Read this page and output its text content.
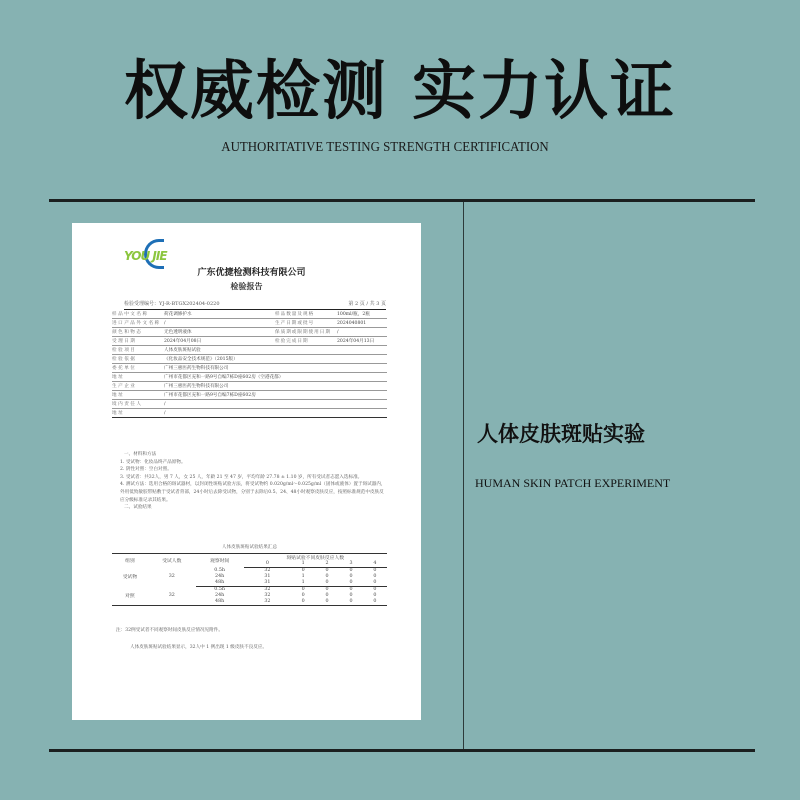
权威检测 实力认证
AUTHORITATIVE TESTING STRENGTH CERTIFICATION
YOU JIE
广东优捷检测科技有限公司
检验报告
检验受理编号：YJ-R-BTGX202404-0220	第 2 页 / 共 3 页
样品中文名称	荷花调修护水	样品数量及规格	100ml/瓶，2瓶
进口产品外文名称 /	生产日期或批号	2024040801
颜色和物态	无色透明液体	保质期或限期使用日期	/
受理日期	2024年04月08日	检验完成日期	2024年04月13日
检验项目	人体皮肤斑贴试验
检验依据	《化妆品安全技术规范》（2015版）
委托单位	广州三惠医药生物科技有限公司
地址	广州市花都区充和一路9号自编7栋D座602房（空港花都）
生产企业	广州三惠医药生物科技有限公司
地址	广州市花都区充和一路9号自编7栋D座602房
境内责任人	/
地址	/
一、材料和方法
1. 受试物：化妆品终产品原物。
2. 阴性对照：空白对照。
3. 受试者：共32人，男 7 人，女 25 人，年龄 21 至 47 岁，平均年龄 27.78 ± 1.10 岁，所有受试者志愿入选标准。
4. 测试方法：选用合格的斑试器材，以封闭性斑贴试验方法，将受试物约 0.020g/ml～0.025g/ml（固体或液体）置于斑试器内，外用低致敏胶带贴敷于受试者背部，24小时后去除受试物，分别于去除后0.5、24、48小时观察皮肤反应，按照标准规范中皮肤反应分级标准记录其结果。
二、试验结果
人体皮肤斑贴试验结果汇总
组别	受试人数	观察时间	斑贴试验不同皮肤反应人数				
			0	1	2	3	4
受试物	32	0.5h	32	0	0	0	0
		24h	31	1	0	0	0
		48h	31	1	0	0	0
对照	32	0.5h	32	0	0	0	0
		24h	32	0	0	0	0
		48h	32	0	0	0	0
注：32例受试者不同观察时间皮肤反应情况见附件。
人体皮肤斑贴试验结果显示，32人中 1 例出现 1 级皮肤不良反应。
人体皮肤斑贴实验
HUMAN SKIN PATCH EXPERIMENT
